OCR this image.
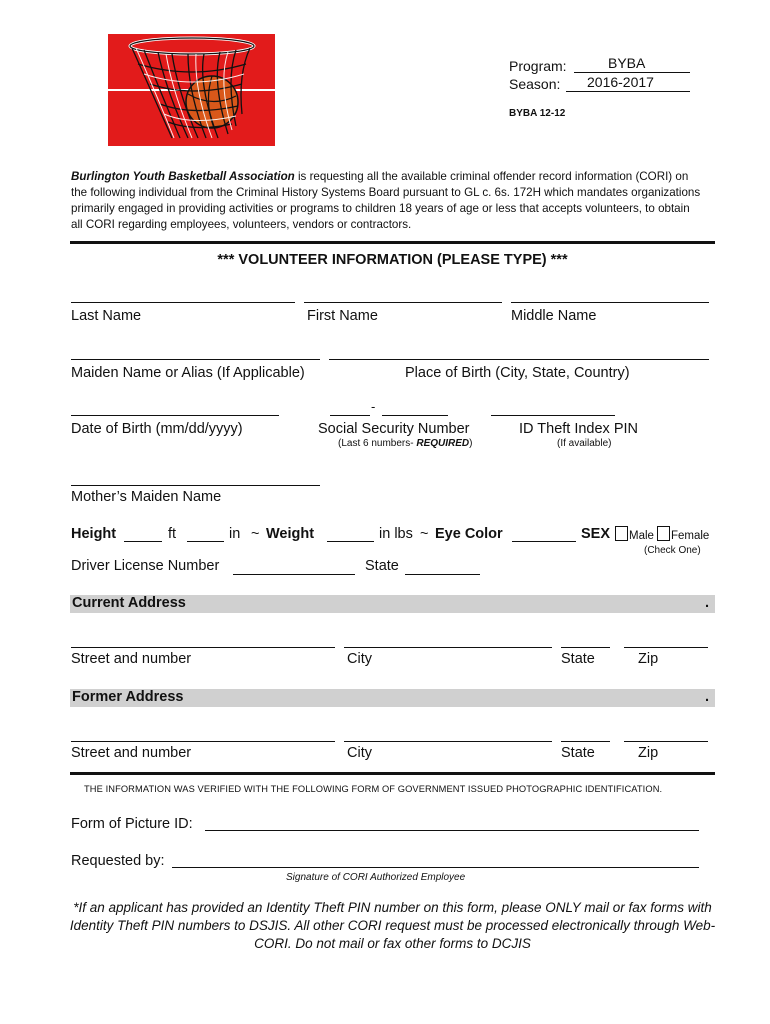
Program:	BYBA
Season: 2016-2017
BYBA 12-12
Burlington Youth Basketball Association is requesting all the available criminal offender record information (CORI) on the following individual from the Criminal History Systems Board pursuant to GL c. 6s. 172H which mandates organizations primarily engaged in providing activities or programs to children 18 years of age or less that accepts volunteers, to obtain all CORI regarding employees, volunteers, vendors or contractors.
*** VOLUNTEER INFORMATION (PLEASE TYPE) ***
Last Name	First Name	Middle Name
Maiden Name or Alias (If Applicable)	Place of Birth (City, State, Country)
-
Date of Birth (mm/dd/yyyy)	Social Security Number	ID Theft Index PIN
(Last 6 numbers- REQUIRED)	(If available)
Mother’s Maiden Name
Height	ft	in ~ Weight	in lbs ~ Eye Color	SEX	Male Female
(Check One)
Driver License Number	State
Current Address	.
Street and number	City	State	Zip
Former Address	.
Street and number	City	State	Zip
THE INFORMATION WAS VERIFIED WITH THE FOLLOWING FORM OF GOVERNMENT ISSUED PHOTOGRAPHIC IDENTIFICATION.
Form of Picture ID:
Requested by:
Signature of CORI Authorized Employee
*If an applicant has provided an Identity Theft PIN number on this form, please ONLY mail or fax forms with Identity Theft PIN numbers to DSJIS. All other CORI request must be processed electronically through Web-CORI. Do not mail or fax other forms to DCJIS
